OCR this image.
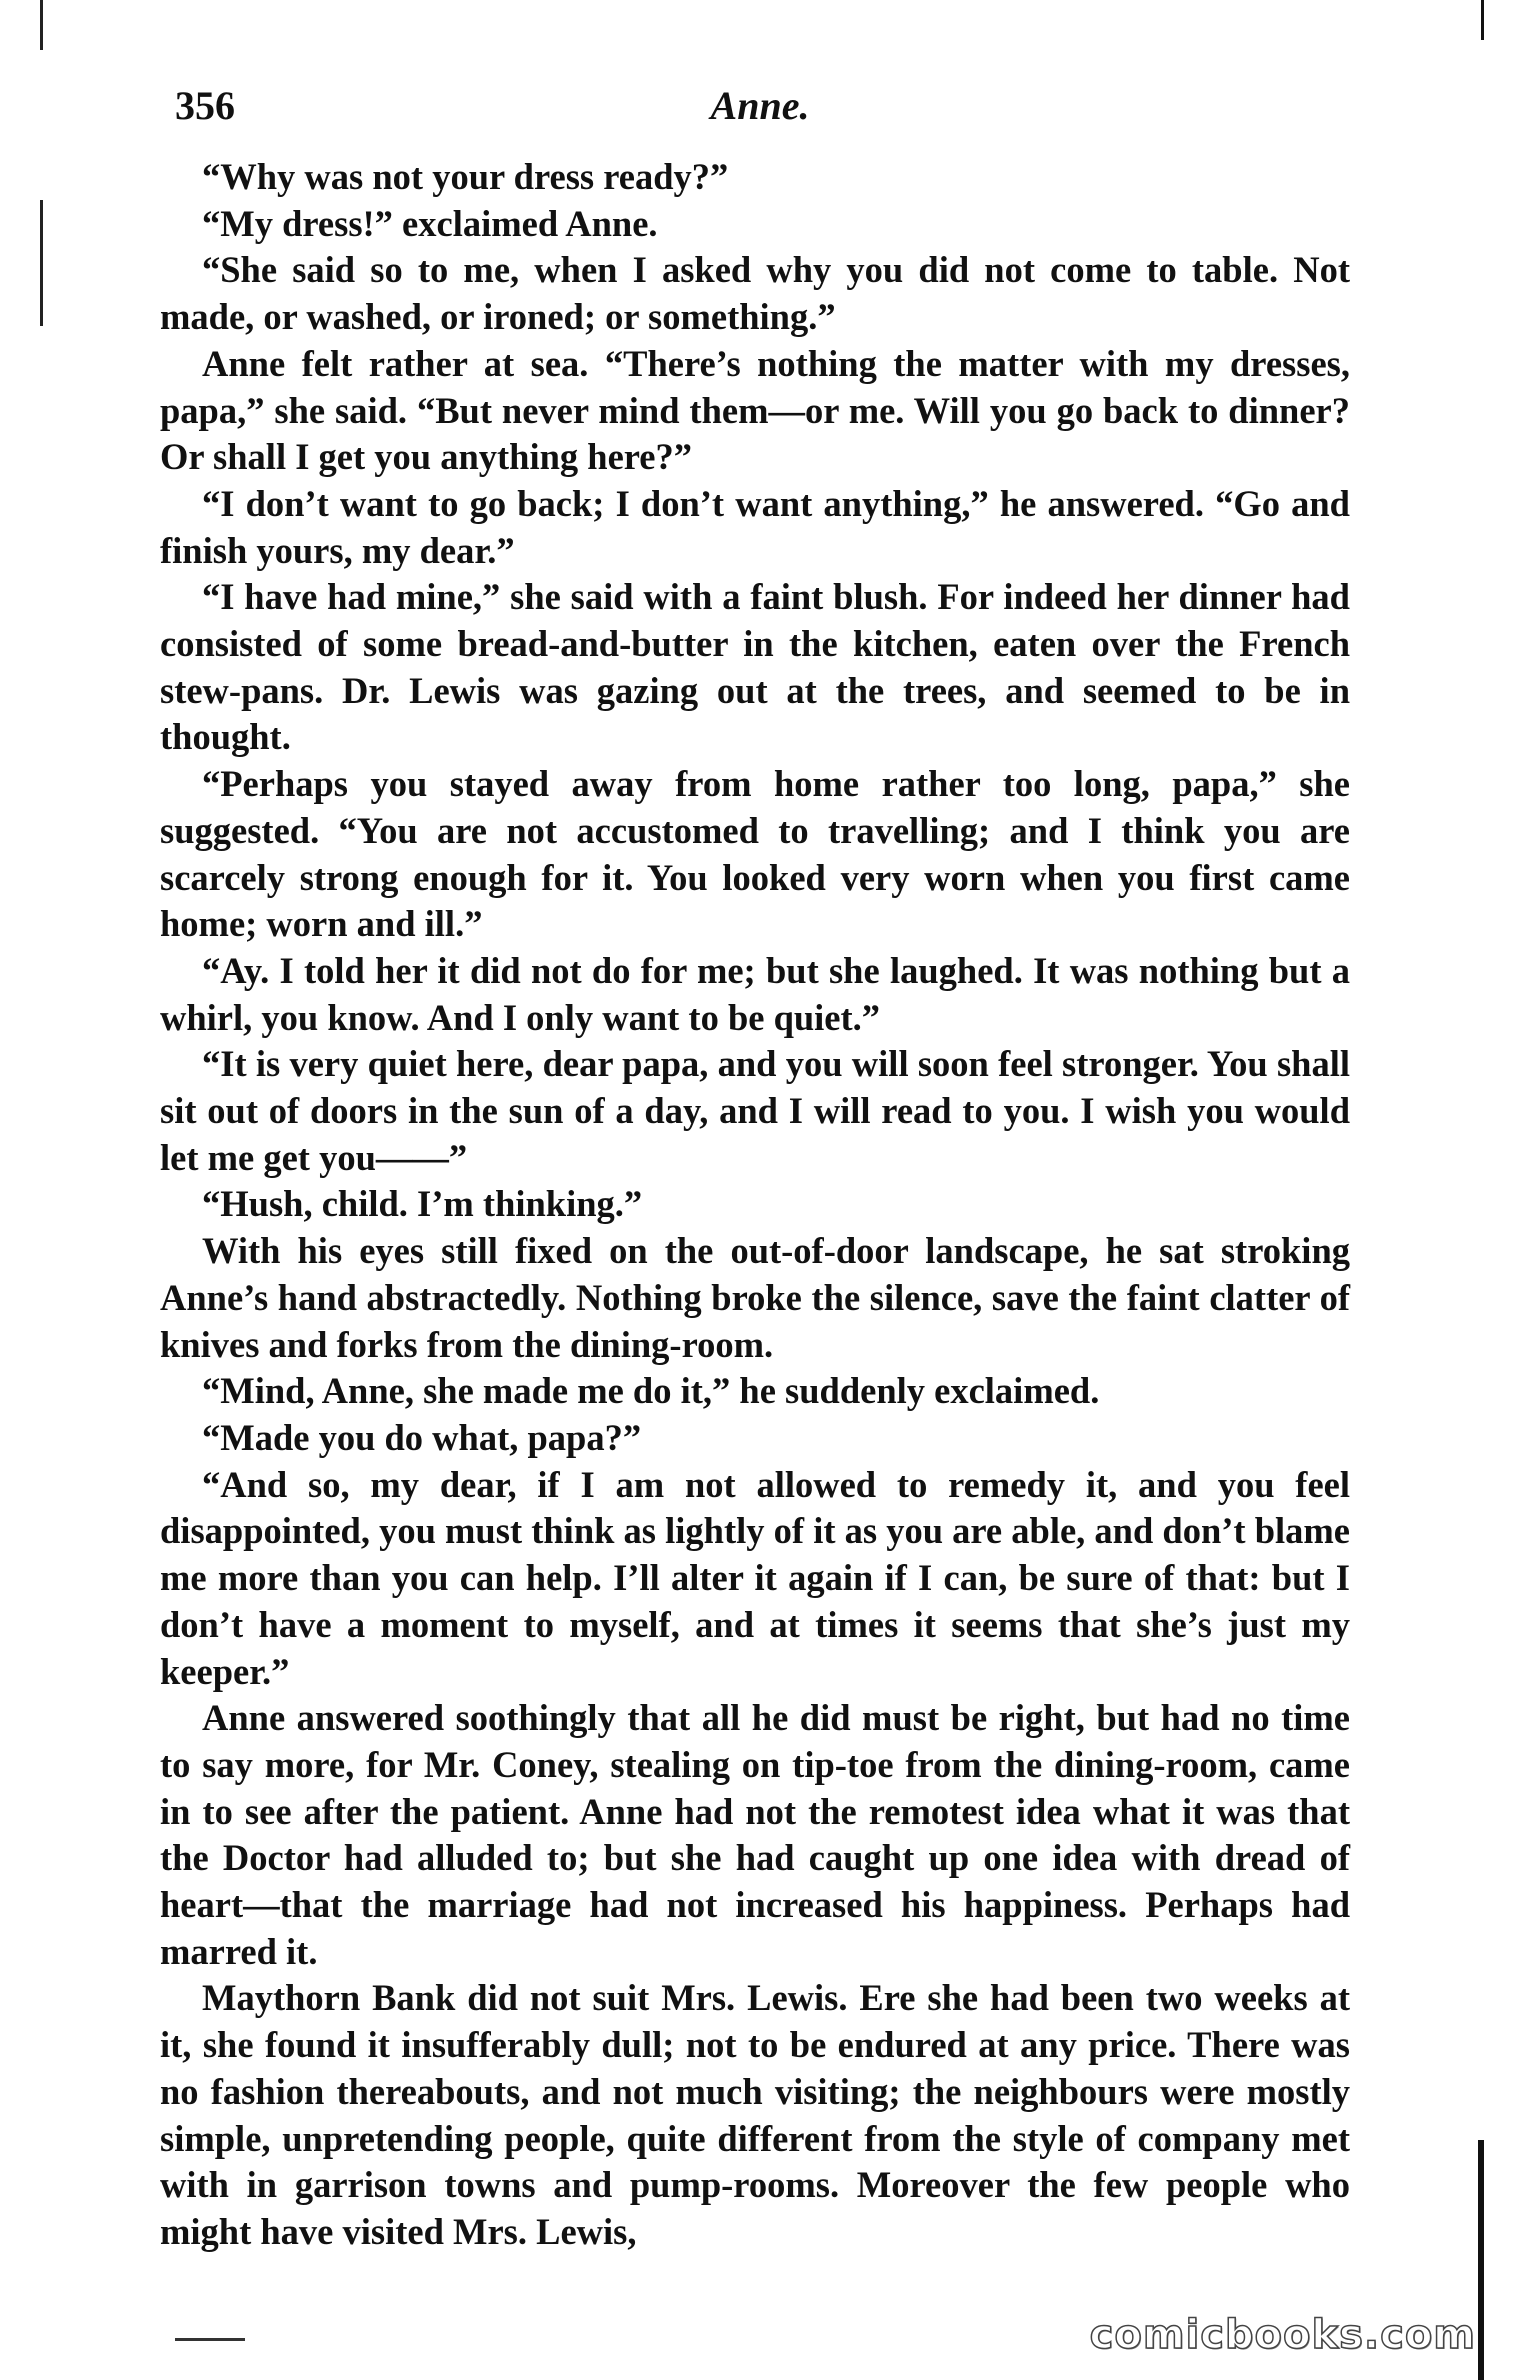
356	Anne.

“Why was not your dress ready?”

“My dress!” exclaimed Anne.

“She said so to me, when I asked why you did not come to table. Not made, or washed, or ironed; or something.”

Anne felt rather at sea. “There’s nothing the matter with my dresses, papa,” she said. “But never mind them—or me. Will you go back to dinner? Or shall I get you anything here?”

“I don’t want to go back; I don’t want anything,” he answered. “Go and finish yours, my dear.”

“I have had mine,” she said with a faint blush. For indeed her dinner had consisted of some bread-and-butter in the kitchen, eaten over the French stew-pans. Dr. Lewis was gazing out at the trees, and seemed to be in thought.

“Perhaps you stayed away from home rather too long, papa,” she suggested. “You are not accustomed to travelling; and I think you are scarcely strong enough for it. You looked very worn when you first came home; worn and ill.”

“Ay. I told her it did not do for me; but she laughed. It was nothing but a whirl, you know. And I only want to be quiet.”

“It is very quiet here, dear papa, and you will soon feel stronger. You shall sit out of doors in the sun of a day, and I will read to you. I wish you would let me get you——”

“Hush, child. I’m thinking.”

With his eyes still fixed on the out-of-door landscape, he sat stroking Anne’s hand abstractedly. Nothing broke the silence, save the faint clatter of knives and forks from the dining-room.

“Mind, Anne, she made me do it,” he suddenly exclaimed.

“Made you do what, papa?”

“And so, my dear, if I am not allowed to remedy it, and you feel disappointed, you must think as lightly of it as you are able, and don’t blame me more than you can help. I’ll alter it again if I can, be sure of that: but I don’t have a moment to myself, and at times it seems that she’s just my keeper.”

Anne answered soothingly that all he did must be right, but had no time to say more, for Mr. Coney, stealing on tip-toe from the dining-room, came in to see after the patient. Anne had not the remotest idea what it was that the Doctor had alluded to; but she had caught up one idea with dread of heart—that the marriage had not increased his happiness. Perhaps had marred it.

Maythorn Bank did not suit Mrs. Lewis. Ere she had been two weeks at it, she found it insufferably dull; not to be endured at any price. There was no fashion thereabouts, and not much visiting; the neighbours were mostly simple, unpretending people, quite different from the style of company met with in garrison towns and pump-rooms. Moreover the few people who might have visited Mrs. Lewis,

comicbooks.com
